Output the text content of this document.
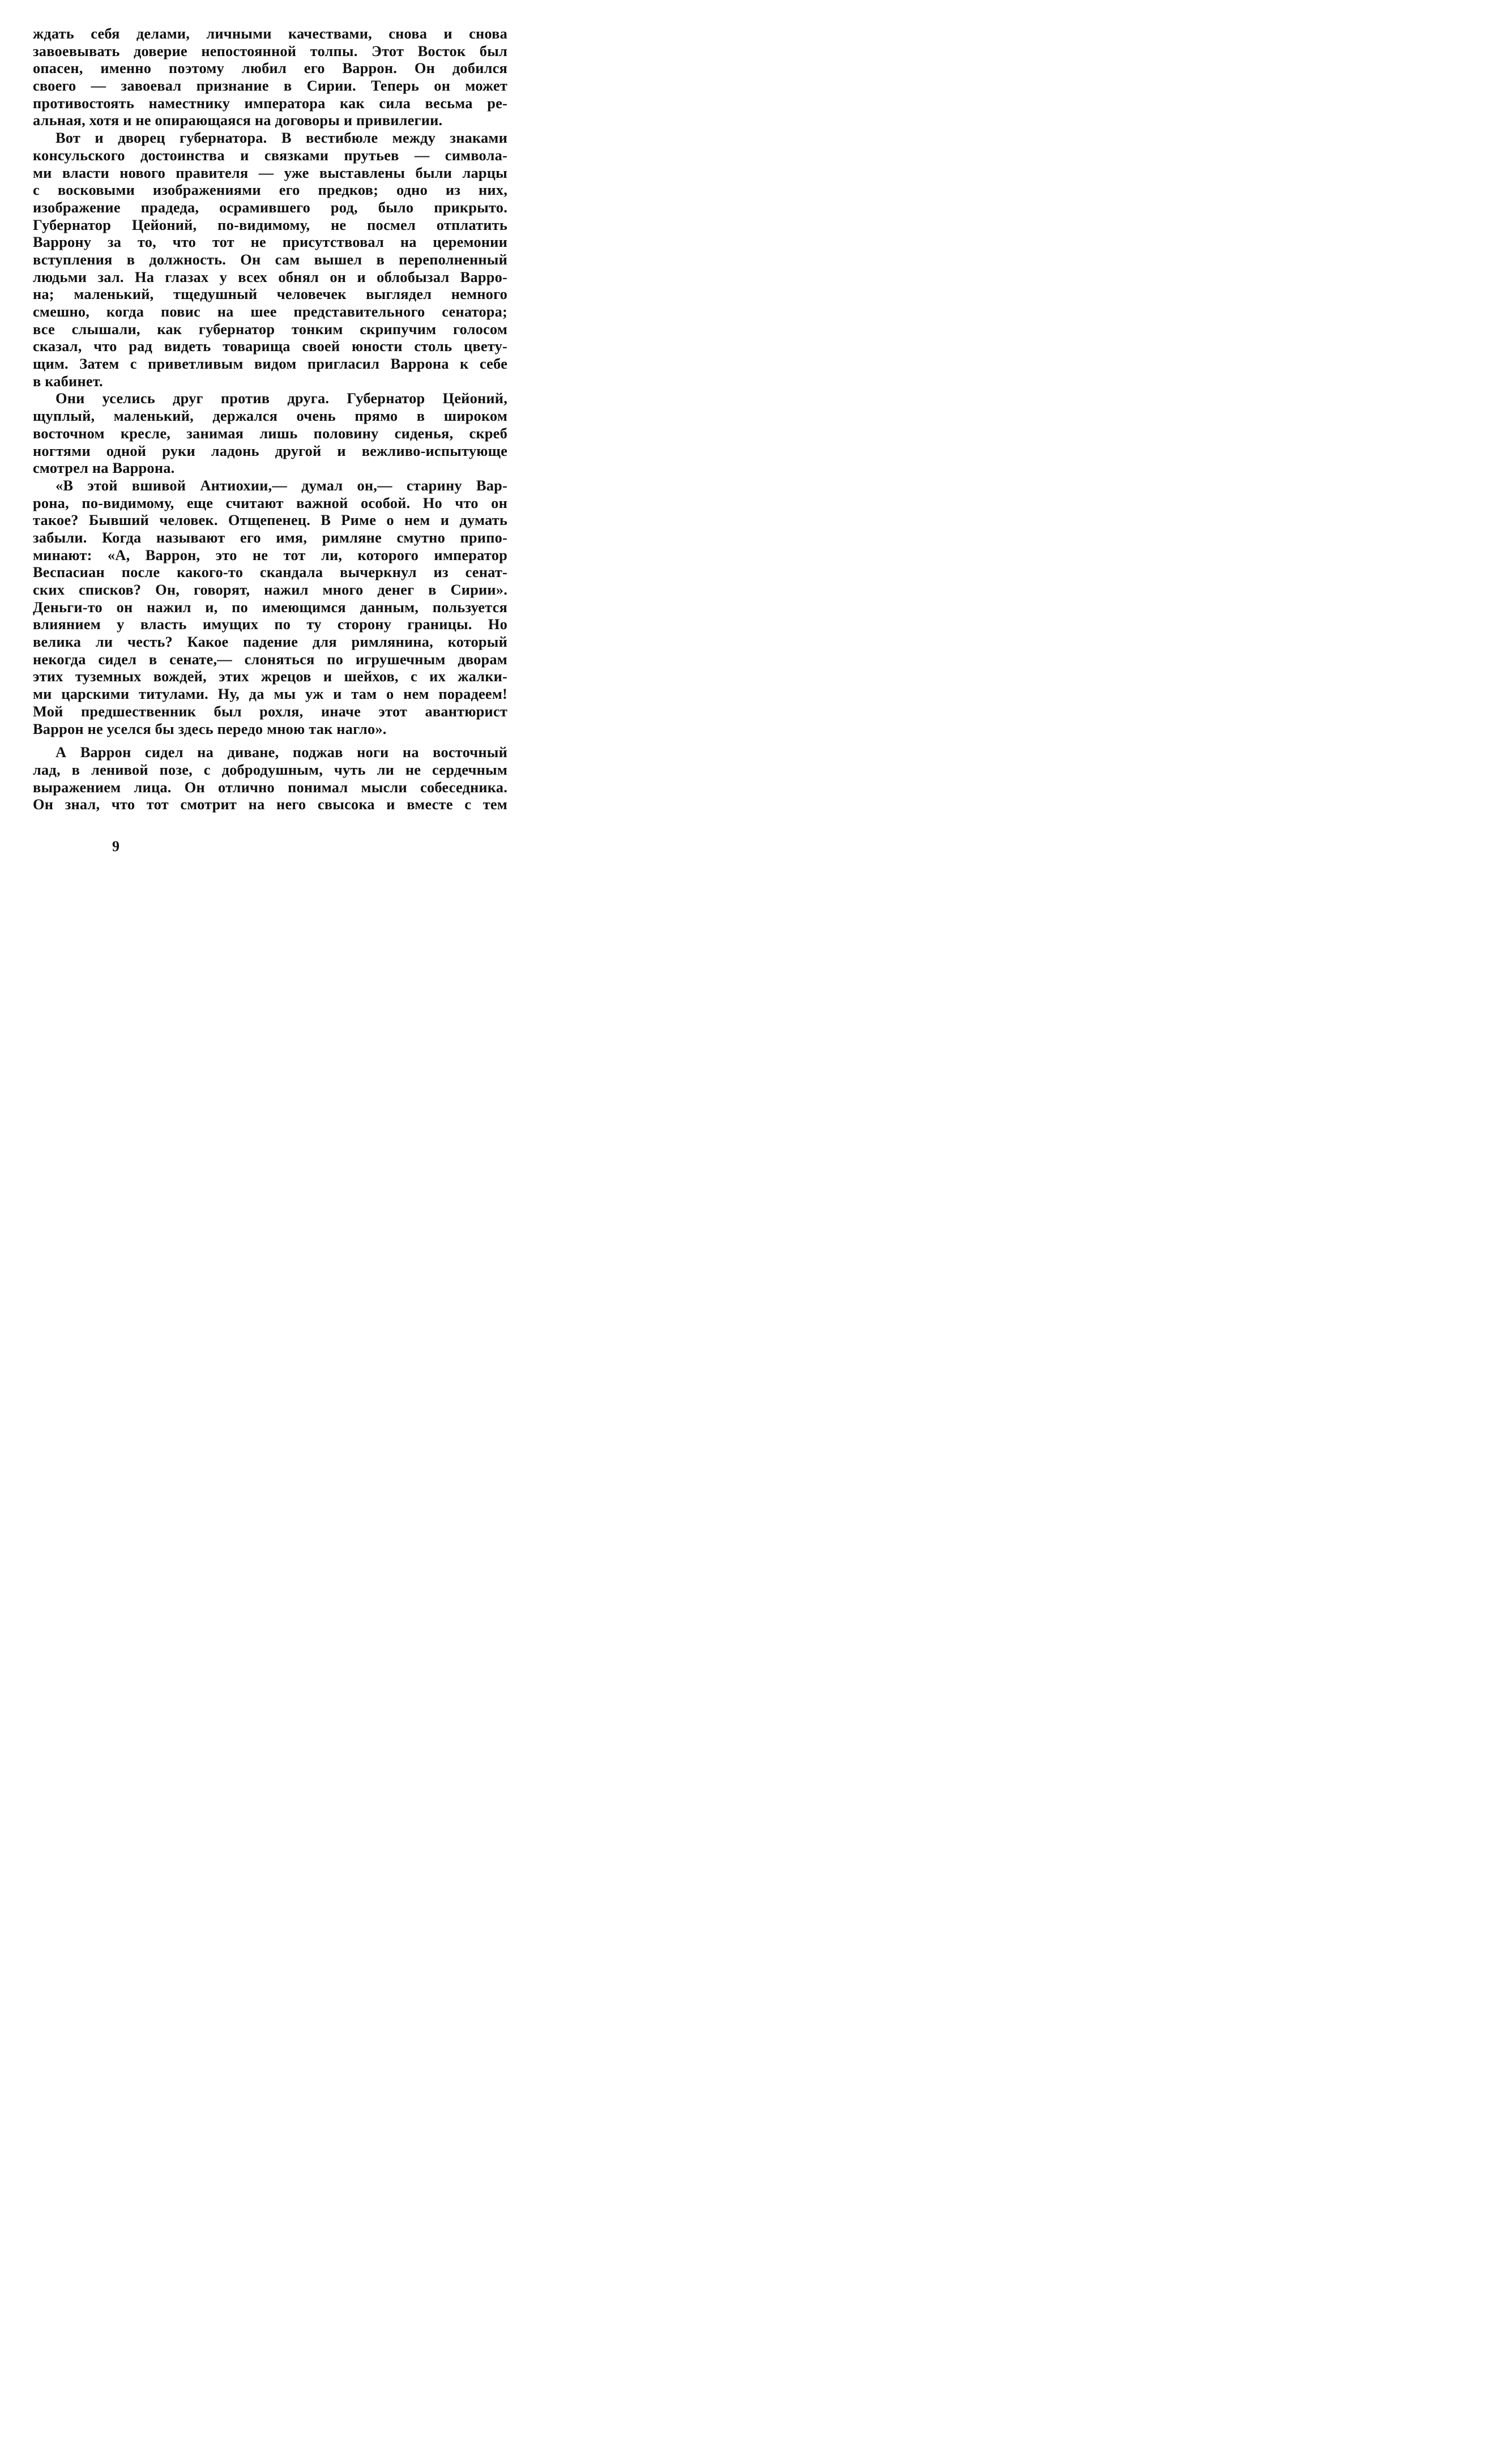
ждать себя делами, личными качествами, снова и снова
завоевывать доверие непостоянной толпы. Этот Восток был
опасен, именно поэтому любил его Варрон. Он добился
своего — завоевал признание в Сирии. Теперь он может
противостоять наместнику императора как сила весьма ре-
альная, хотя и не опирающаяся на договоры и привилегии.
Вот и дворец губернатора. В вестибюле между знаками
консульского достоинства и связками прутьев — символа-
ми власти нового правителя — уже выставлены были ларцы
с восковыми изображениями его предков; одно из них,
изображение прадеда, осрамившего род, было прикрыто.
Губернатор Цейоний, по-видимому, не посмел отплатить
Варрону за то, что тот не присутствовал на церемонии
вступления в должность. Он сам вышел в переполненный
людьми зал. На глазах у всех обнял он и облобызал Варро-
на; маленький, тщедушный человечек выглядел немного
смешно, когда повис на шее представительного сенатора;
все слышали, как губернатор тонким скрипучим голосом
сказал, что рад видеть товарища своей юности столь цвету-
щим. Затем с приветливым видом пригласил Варрона к себе
в кабинет.
Они уселись друг против друга. Губернатор Цейоний,
щуплый, маленький, держался очень прямо в широком
восточном кресле, занимая лишь половину сиденья, скреб
ногтями одной руки ладонь другой и вежливо-испытующе
смотрел на Варрона.
«В этой вшивой Антиохии,— думал он,— старину Вар-
рона, по-видимому, еще считают важной особой. Но что он
такое? Бывший человек. Отщепенец. В Риме о нем и думать
забыли. Когда называют его имя, римляне смутно припо-
минают: «А, Варрон, это не тот ли, которого император
Веспасиан после какого-то скандала вычеркнул из сенат-
ских списков? Он, говорят, нажил много денег в Сирии».
Деньги-то он нажил и, по имеющимся данным, пользуется
влиянием у власть имущих по ту сторону границы. Но
велика ли честь? Какое падение для римлянина, который
некогда сидел в сенате,— слоняться по игрушечным дворам
этих туземных вождей, этих жрецов и шейхов, с их жалки-
ми царскими титулами. Ну, да мы уж и там о нем порадеем!
Мой предшественник был рохля, иначе этот авантюрист
Варрон не уселся бы здесь передо мною так нагло».
А Варрон сидел на диване, поджав ноги на восточный
лад, в ленивой позе, с добродушным, чуть ли не сердечным
выражением лица. Он отлично понимал мысли собеседника.
Он знал, что тот смотрит на него свысока и вместе с тем
9
